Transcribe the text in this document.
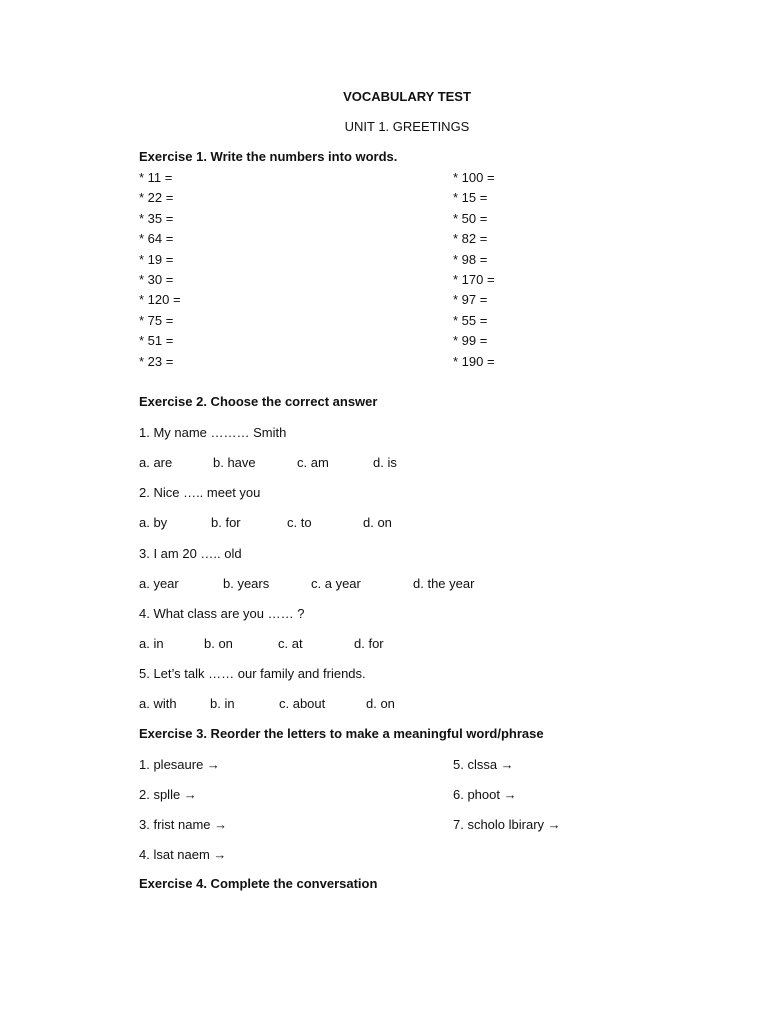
VOCABULARY TEST
UNIT 1. GREETINGS
Exercise 1. Write the numbers into words.
* 11 =
* 22 =
* 35 =
* 64 =
* 19 =
* 30 =
* 120 =
* 75 =
* 51 =
* 23 =
* 100 =
* 15 =
* 50 =
* 82 =
* 98 =
* 170 =
* 97 =
* 55 =
* 99 =
* 190 =
Exercise 2. Choose the correct answer
1. My name ……… Smith
a. are	b. have	c. am	d. is
2. Nice ….. meet you
a. by	b. for	c. to	d. on
3. I am 20 ….. old
a. year	b. years	c. a year	d. the year
4. What class are you …… ?
a. in	b. on	c. at	d. for
5. Let’s talk …… our family and friends.
a. with	b. in	c. about	d. on
Exercise 3. Reorder the letters to make a meaningful word/phrase
1. plesaure →
2. splle →
3. frist name →
4. lsat naem →
5. clssa →
6. phoot →
7. scholo lbirary →
Exercise 4. Complete the conversation
